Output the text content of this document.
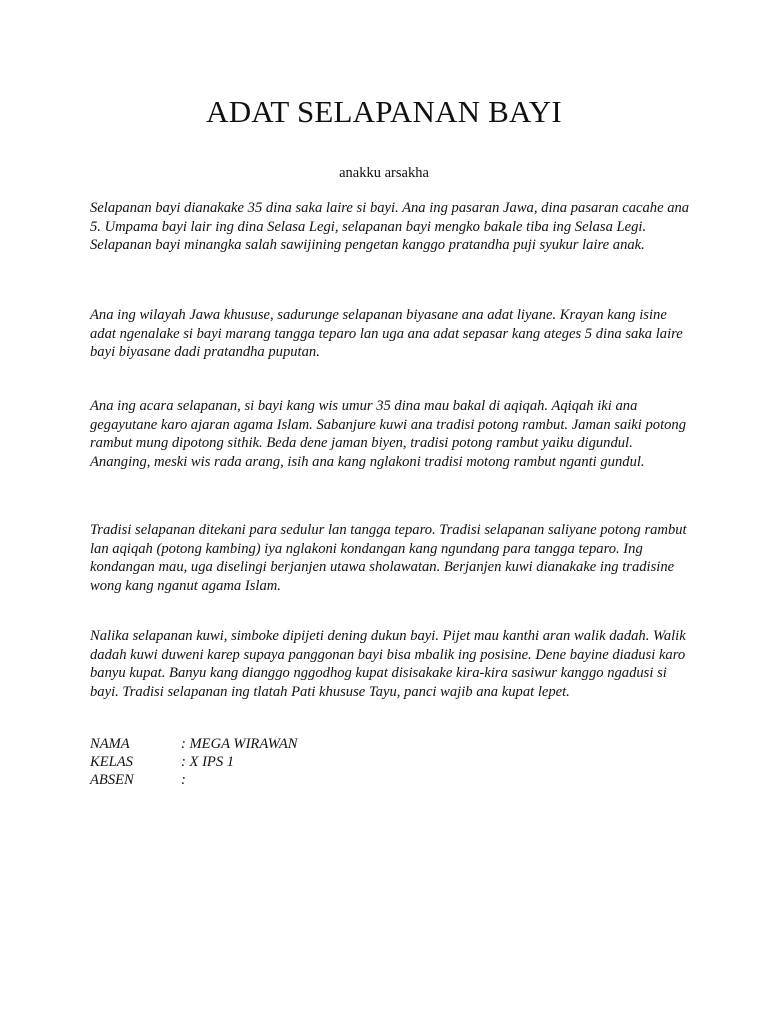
ADAT SELAPANAN BAYI

anakku arsakha

Selapanan bayi dianakake 35 dina saka laire si bayi. Ana ing pasaran Jawa, dina pasaran cacahe ana 5. Umpama bayi lair ing dina Selasa Legi, selapanan bayi mengko bakale tiba ing Selasa Legi. Selapanan bayi minangka salah sawijining pengetan kanggo pratandha puji syukur laire anak.

Ana ing wilayah Jawa khususe, sadurunge selapanan biyasane ana adat liyane. Krayan kang isine adat ngenalake si bayi marang tangga teparo lan uga ana adat sepasar kang ateges 5 dina saka laire bayi biyasane dadi pratandha puputan.

Ana ing acara selapanan, si bayi kang wis umur 35 dina mau bakal di aqiqah. Aqiqah iki ana gegayutane karo ajaran agama Islam. Sabanjure kuwi ana tradisi potong rambut. Jaman saiki potong rambut mung dipotong sithik. Beda dene jaman biyen, tradisi potong rambut yaiku digundul. Ananging, meski wis rada arang, isih ana kang nglakoni tradisi motong rambut nganti gundul.

Tradisi selapanan ditekani para sedulur lan tangga teparo. Tradisi selapanan saliyane potong rambut lan aqiqah (potong kambing) iya nglakoni kondangan kang ngundang para tangga teparo. Ing kondangan mau, uga diselingi berjanjen utawa sholawatan. Berjanjen kuwi dianakake ing tradisine wong kang nganut agama Islam.

Nalika selapanan kuwi, simboke dipijeti dening dukun bayi. Pijet mau kanthi aran walik dadah. Walik dadah kuwi duweni karep supaya panggonan bayi bisa mbalik ing posisine. Dene bayine diadusi karo banyu kupat. Banyu kang dianggo nggodhog kupat disisakake kira-kira sasiwur kanggo ngadusi si bayi. Tradisi selapanan ing tlatah Pati khususe Tayu, panci wajib ana kupat lepet.

NAMA	: MEGA WIRAWAN
KELAS	: X IPS 1
ABSEN	:
